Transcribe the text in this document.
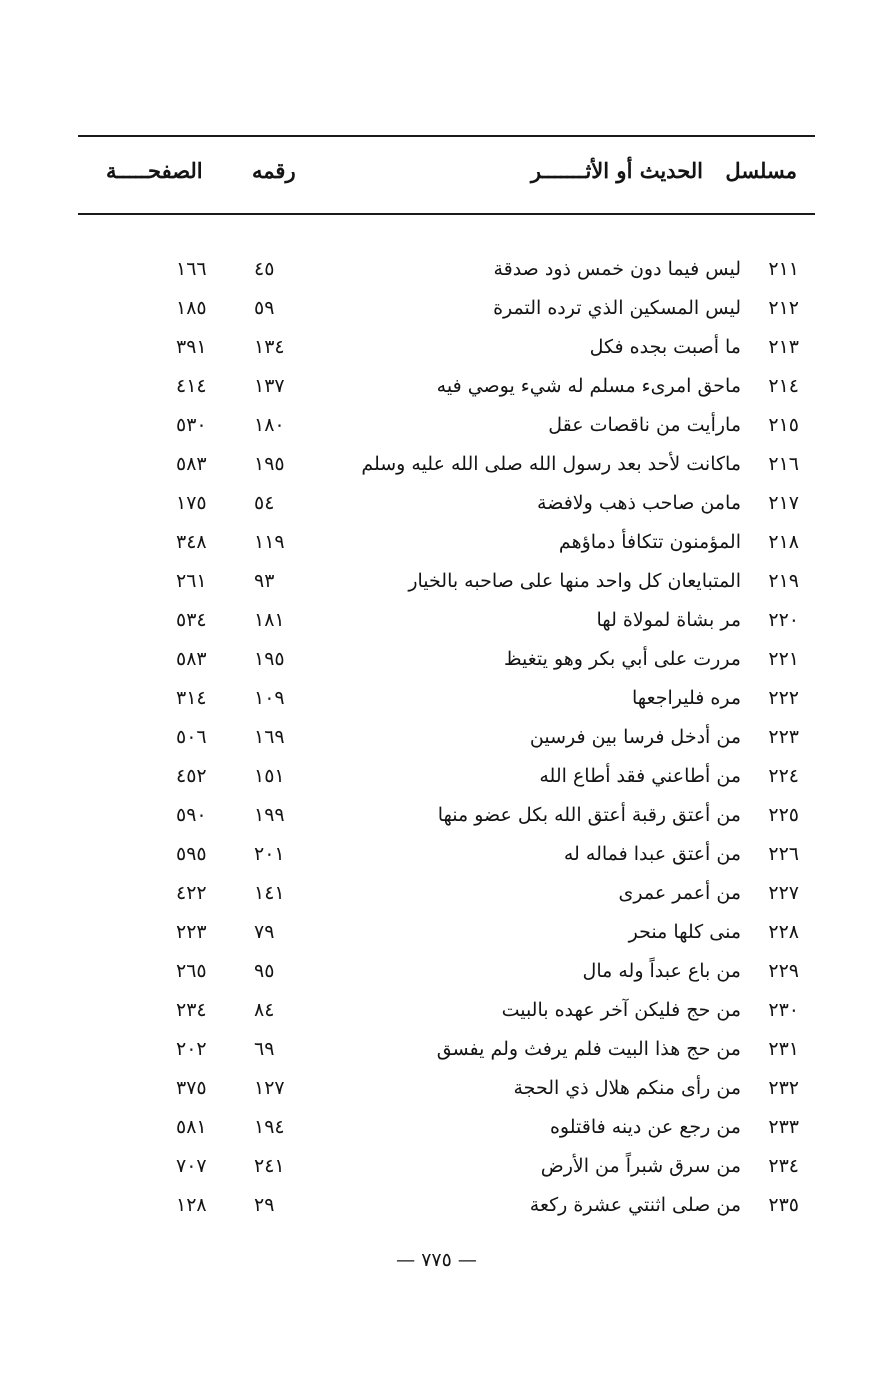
مسلسل
الحديث أو الأثـــــــر
رقمه
الصفحـــــة
٢١١
ليس فيما دون خمس ذود صدقة
٤٥
١٦٦
٢١٢
ليس المسكين الذي ترده التمرة
٥٩
١٨٥
٢١٣
ما أصبت بجده فكل
١٣٤
٣٩١
٢١٤
ماحق امرىء مسلم له شيء يوصي فيه
١٣٧
٤١٤
٢١٥
مارأيت من ناقصات عقل
١٨٠
٥٣٠
٢١٦
ماكانت لأحد بعد رسول الله صلى الله عليه وسلم
١٩٥
٥٨٣
٢١٧
مامن صاحب ذهب ولافضة
٥٤
١٧٥
٢١٨
المؤمنون تتكافأ دماؤهم
١١٩
٣٤٨
٢١٩
المتبايعان كل واحد منها على صاحبه بالخيار
٩٣
٢٦١
٢٢٠
مر بشاة لمولاة لها
١٨١
٥٣٤
٢٢١
مررت على أبي بكر وهو يتغيظ
١٩٥
٥٨٣
٢٢٢
مره فليراجعها
١٠٩
٣١٤
٢٢٣
من أدخل فرسا بين فرسين
١٦٩
٥٠٦
٢٢٤
من أطاعني فقد أطاع الله
١٥١
٤٥٢
٢٢٥
من أعتق رقبة أعتق الله بكل عضو منها
١٩٩
٥٩٠
٢٢٦
من أعتق عبدا فماله له
٢٠١
٥٩٥
٢٢٧
من أعمر عمرى
١٤١
٤٢٢
٢٢٨
منى كلها منحر
٧٩
٢٢٣
٢٢٩
من باع عبداً وله مال
٩٥
٢٦٥
٢٣٠
من حج فليكن آخر عهده بالبيت
٨٤
٢٣٤
٢٣١
من حج هذا البيت فلم يرفث ولم يفسق
٦٩
٢٠٢
٢٣٢
من رأى منكم هلال ذي الحجة
١٢٧
٣٧٥
٢٣٣
من رجع عن دينه فاقتلوه
١٩٤
٥٨١
٢٣٤
من سرق شبراً من الأرض
٢٤١
٧٠٧
٢٣٥
من صلى اثنتي عشرة ركعة
٢٩
١٢٨
— ٧٧٥ —
